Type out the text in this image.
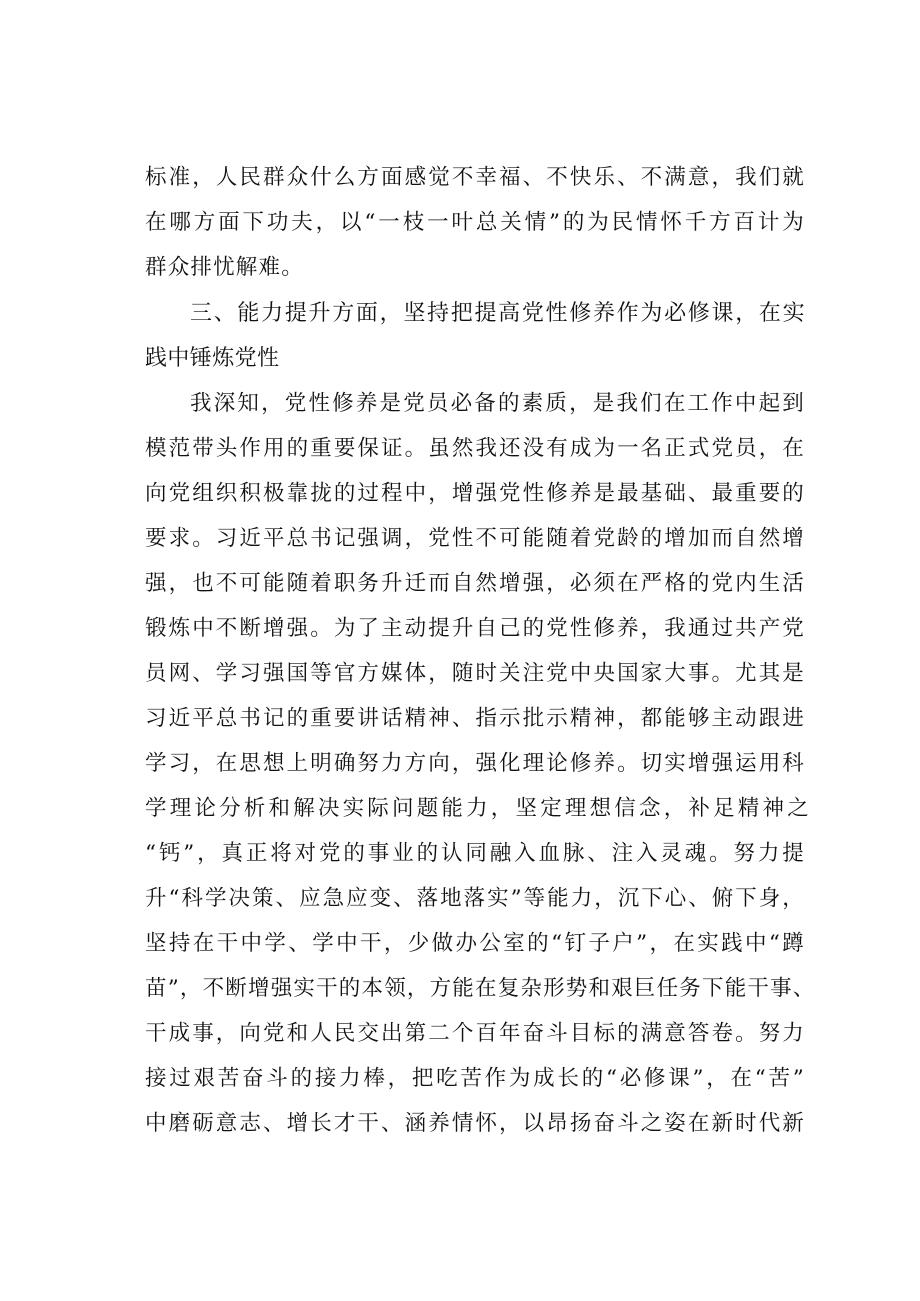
标准，人民群众什么方面感觉不幸福、不快乐、不满意，我们就
在哪方面下功夫，以“一枝一叶总关情”的为民情怀千方百计为
群众排忧解难。
三、能力提升方面，坚持把提高党性修养作为必修课，在实
践中锤炼党性
我深知，党性修养是党员必备的素质，是我们在工作中起到
模范带头作用的重要保证。虽然我还没有成为一名正式党员，在
向党组织积极靠拢的过程中，增强党性修养是最基础、最重要的
要求。习近平总书记强调，党性不可能随着党龄的增加而自然增
强，也不可能随着职务升迁而自然增强，必须在严格的党内生活
锻炼中不断增强。为了主动提升自己的党性修养，我通过共产党
员网、学习强国等官方媒体，随时关注党中央国家大事。尤其是
习近平总书记的重要讲话精神、指示批示精神，都能够主动跟进
学习，在思想上明确努力方向，强化理论修养。切实增强运用科
学理论分析和解决实际问题能力，坚定理想信念，补足精神之
“钙”，真正将对党的事业的认同融入血脉、注入灵魂。努力提
升“科学决策、应急应变、落地落实”等能力，沉下心、俯下身，
坚持在干中学、学中干，少做办公室的“钉子户”，在实践中“蹲
苗”，不断增强实干的本领，方能在复杂形势和艰巨任务下能干事、
干成事，向党和人民交出第二个百年奋斗目标的满意答卷。努力
接过艰苦奋斗的接力棒，把吃苦作为成长的“必修课”，在“苦”
中磨砺意志、增长才干、涵养情怀，以昂扬奋斗之姿在新时代新
